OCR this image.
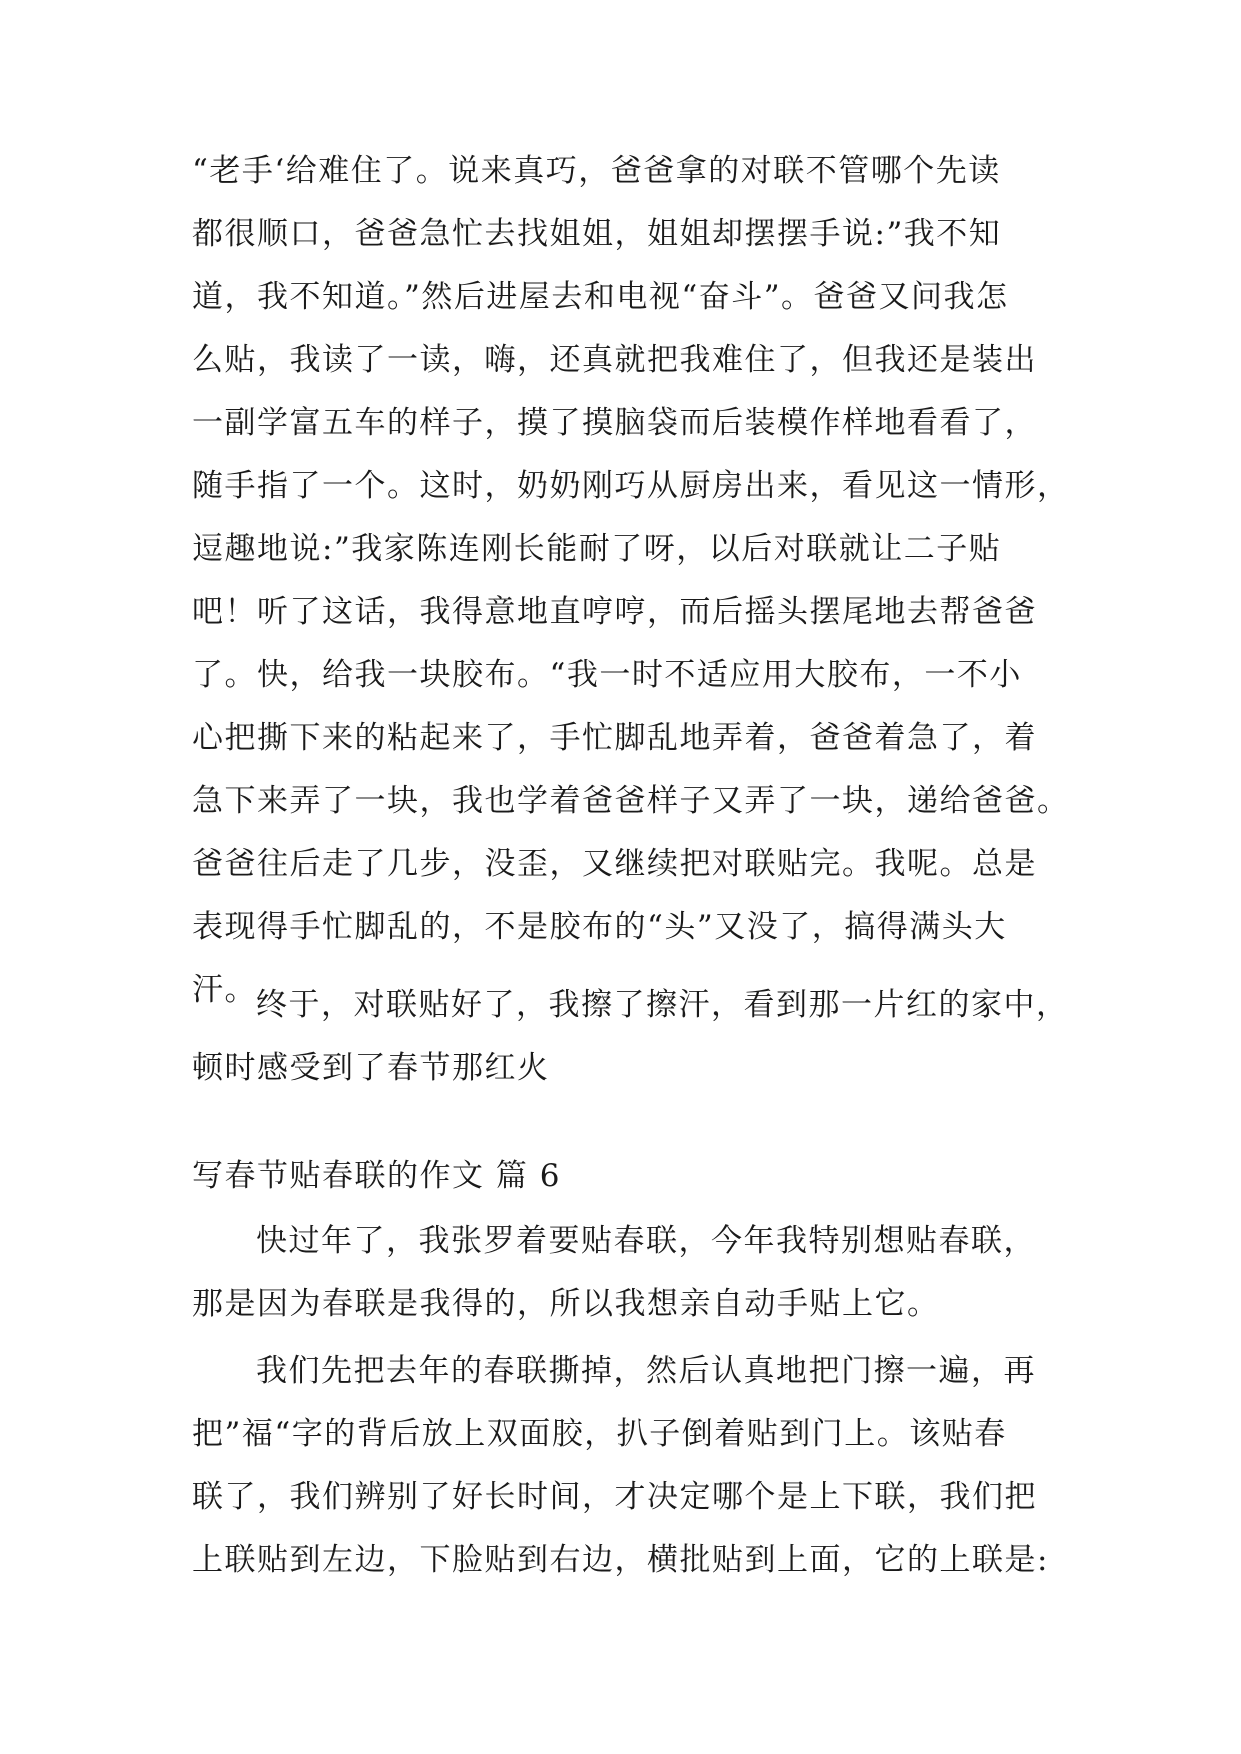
“老手‘给难住了。说来真巧，爸爸拿的对联不管哪个先读
都很顺口，爸爸急忙去找姐姐，姐姐却摆摆手说:”我不知
道，我不知道。”然后进屋去和电视“奋斗”。爸爸又问我怎
么贴，我读了一读，嗨，还真就把我难住了，但我还是装出
一副学富五车的样子，摸了摸脑袋而后装模作样地看看了，
随手指了一个。这时，奶奶刚巧从厨房出来，看见这一情形，
逗趣地说:”我家陈连刚长能耐了呀，以后对联就让二子贴
吧！听了这话，我得意地直哼哼，而后摇头摆尾地去帮爸爸
了。快，给我一块胶布。“我一时不适应用大胶布，一不小
心把撕下来的粘起来了，手忙脚乱地弄着，爸爸着急了，着
急下来弄了一块，我也学着爸爸样子又弄了一块，递给爸爸。
爸爸往后走了几步，没歪，又继续把对联贴完。我呢。总是
表现得手忙脚乱的，不是胶布的“头”又没了，搞得满头大
汗。 终于，对联贴好了，我擦了擦汗，看到那一片红的家中，
顿时感受到了春节那红火
写春节贴春联的作文 篇 6
快过年了，我张罗着要贴春联，今年我特别想贴春联，
那是因为春联是我得的，所以我想亲自动手贴上它。
我们先把去年的春联撕掉，然后认真地把门擦一遍，再
把”福“字的背后放上双面胶，扒子倒着贴到门上。该贴春
联了，我们辨别了好长时间，才决定哪个是上下联，我们把
上联贴到左边，下脸贴到右边，横批贴到上面，它的上联是:
